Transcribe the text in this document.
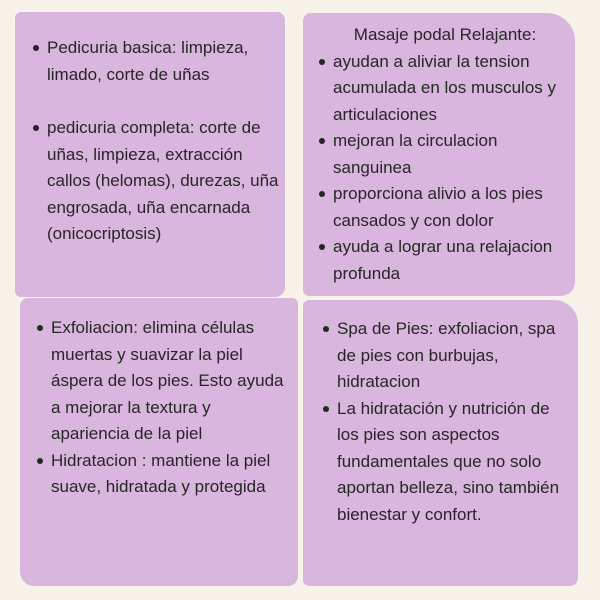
Pedicuria basica: limpieza, limado, corte de uñas
pedicuria completa: corte de uñas, limpieza, extracción callos (helomas), durezas, uña engrosada, uña encarnada (onicocriptosis)
Masaje podal Relajante:
ayudan a aliviar la tension acumulada en los musculos y articulaciones
mejoran la circulacion sanguinea
proporciona alivio a los pies cansados y con dolor
ayuda a lograr una relajacion profunda
Exfoliacion: elimina células muertas y suavizar la piel áspera de los pies. Esto ayuda a mejorar la textura y apariencia de la piel
Hidratacion : mantiene la piel suave, hidratada y protegida
Spa de Pies: exfoliacion, spa de pies con burbujas, hidratacion
La hidratación y nutrición de los pies son aspectos fundamentales que no solo aportan belleza, sino también bienestar y confort.
